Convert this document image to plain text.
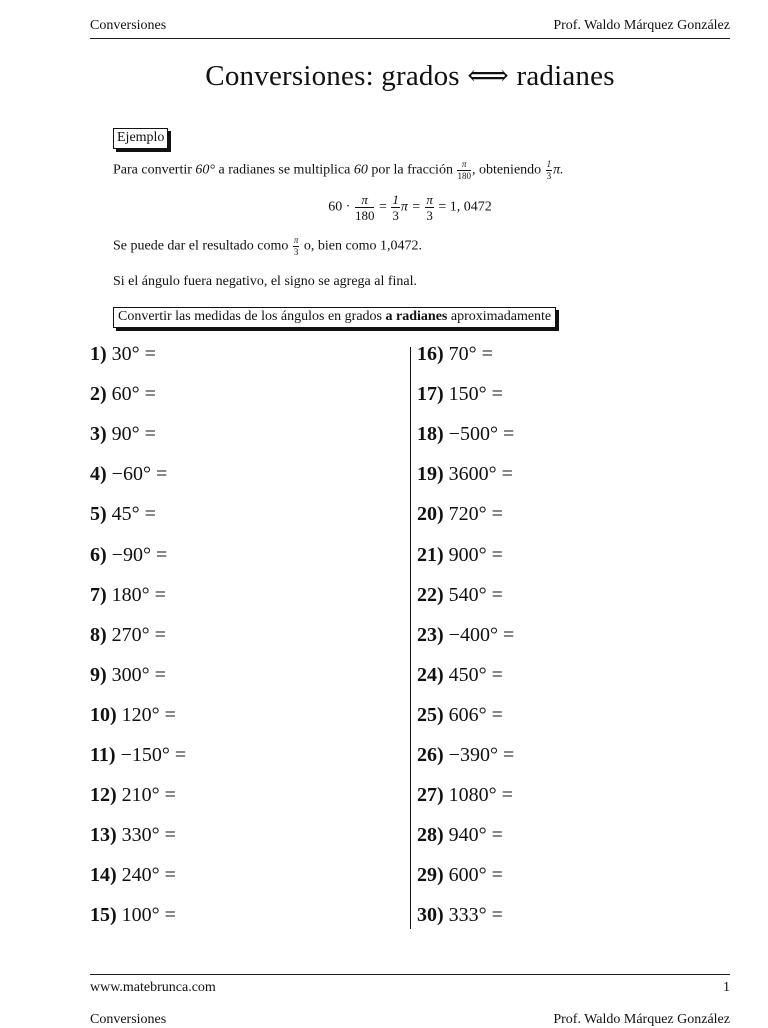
Conversiones	Prof. Waldo Márquez González
Conversiones: grados ⟺ radianes
Ejemplo
Para convertir 60° a radianes se multiplica 60 por la fracción $\frac{\pi}{180}$ , obteniendo $\frac{1}{3} \pi$.
$60 \cdot \frac{\pi}{180} = \frac{1}{3}$ $\pi = \frac{\pi}{3} = 1$, 0472
Se puede dar el resultado como $\frac{\pi}{3} o$, bien como 1,0472.
Si el ángulo fuera negativo, el signo se agrega al final.
Convertir las medidas de los ángulos en grados a radianes aproximadamente
1) 30° =
2) 60° =
3) 90° =
4) −60° =
5) 45° =
6) −90° =
7) 180° =
8) 270° =
9) 300° =
10) 120° =
11) −150° =
12) 210° =
13) 330° =
14) 240° =
15) 100° =
16) 70° =
17) 150° =
18) −500° =
19) 3600° =
20) 720° =
21) 900° =
22) 540° =
23) −400° =
24) 450° =
25) 606° =
26) −390° =
27) 1080° =
28) 940° =
29) 600° =
30) 333° =
www.matebrunca.com	1
Conversiones	Prof. Waldo Márquez González
